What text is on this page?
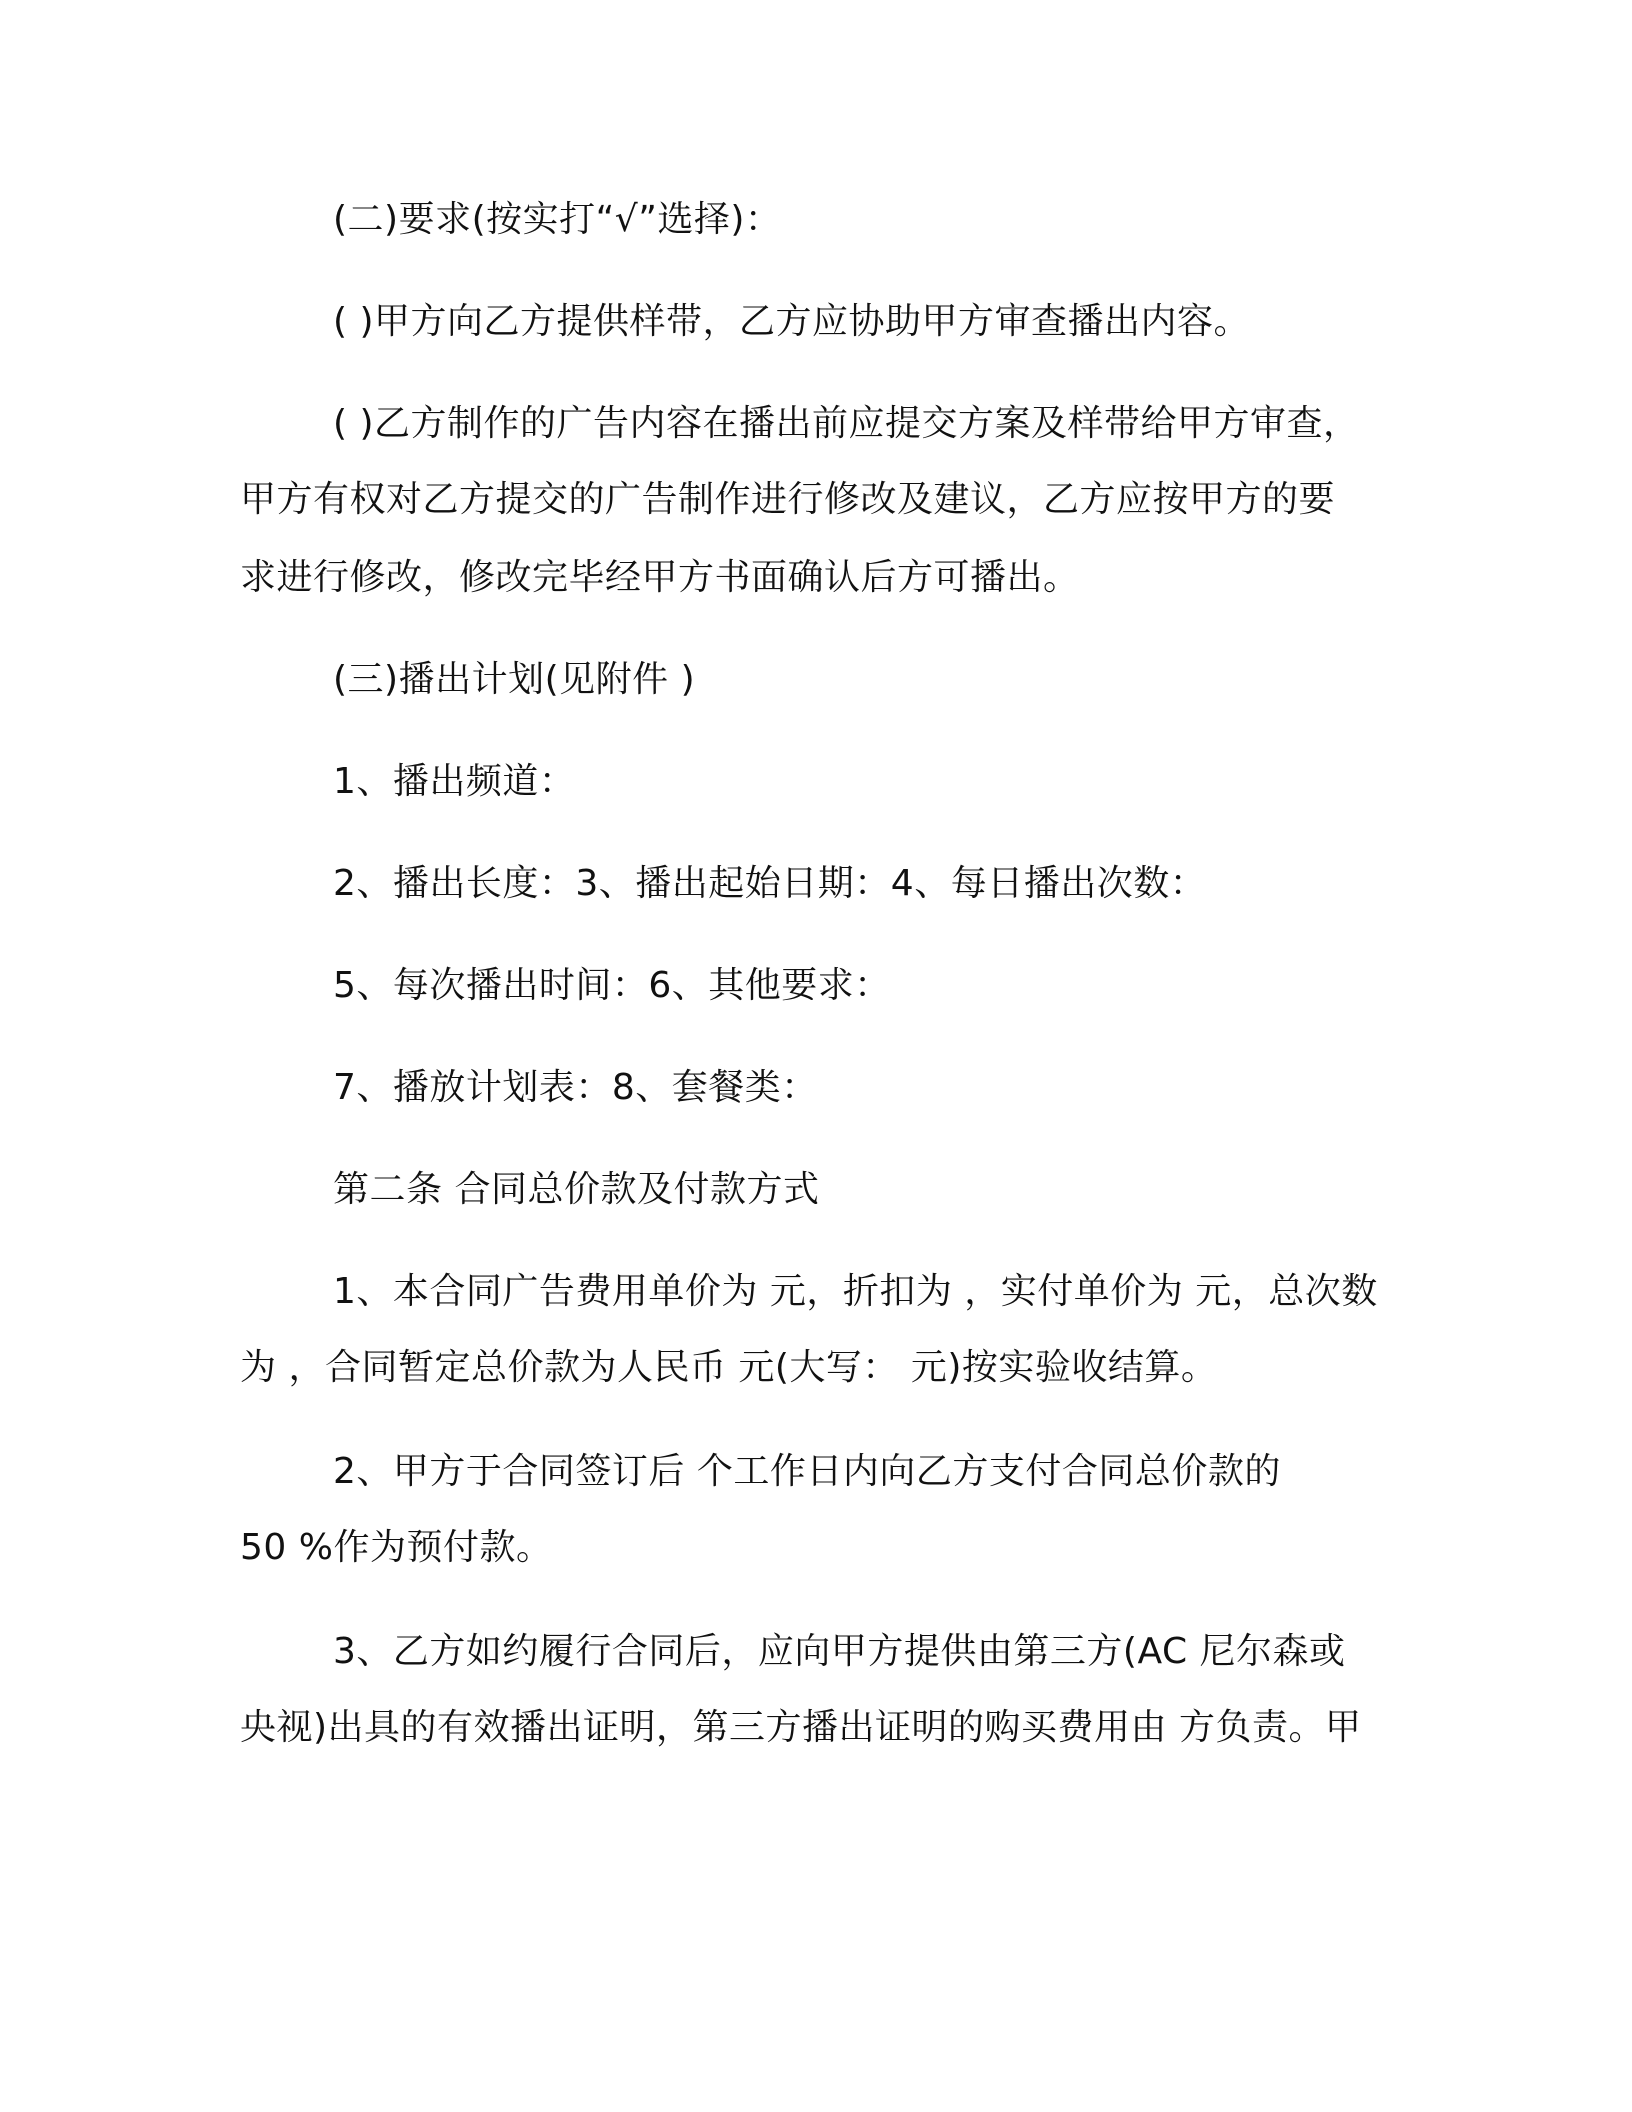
(二)要求(按实打“√”选择)：

( )甲方向乙方提供样带，乙方应协助甲方审查播出内容。

( )乙方制作的广告内容在播出前应提交方案及样带给甲方审查，

甲方有权对乙方提交的广告制作进行修改及建议，乙方应按甲方的要

求进行修改，修改完毕经甲方书面确认后方可播出。

(三)播出计划(见附件 )

1、播出频道：

2、播出长度：3、播出起始日期：4、每日播出次数：

5、每次播出时间：6、其他要求：

7、播放计划表：8、套餐类：

第二条 合同总价款及付款方式

1、本合同广告费用单价为 元，折扣为 ，实付单价为 元，总次数

为 ，合同暂定总价款为人民币 元(大写： 元)按实验收结算。

2、甲方于合同签订后 个工作日内向乙方支付合同总价款的

50 %作为预付款。

3、乙方如约履行合同后，应向甲方提供由第三方(AC 尼尔森或

央视)出具的有效播出证明，第三方播出证明的购买费用由 方负责。甲
